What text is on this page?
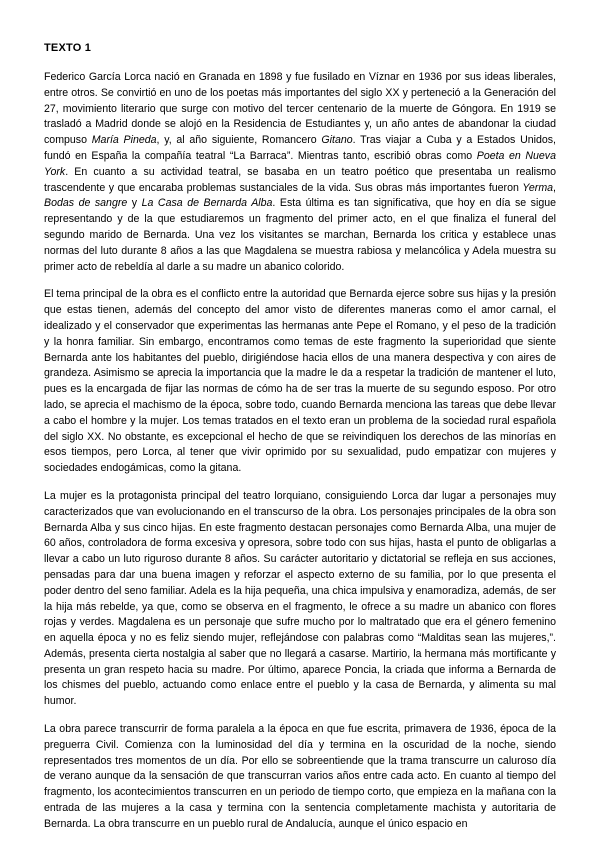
TEXTO 1

Federico García Lorca nació en Granada en 1898 y fue fusilado en Víznar en 1936 por sus ideas liberales, entre otros. Se convirtió en uno de los poetas más importantes del siglo XX y perteneció a la Generación del 27, movimiento literario que surge con motivo del tercer centenario de la muerte de Góngora. En 1919 se trasladó a Madrid donde se alojó en la Residencia de Estudiantes y, un año antes de abandonar la ciudad compuso María Pineda, y, al año siguiente, Romancero Gitano. Tras viajar a Cuba y a Estados Unidos, fundó en España la compañía teatral “La Barraca”. Mientras tanto, escribió obras como Poeta en Nueva York. En cuanto a su actividad teatral, se basaba en un teatro poético que presentaba un realismo trascendente y que encaraba problemas sustanciales de la vida. Sus obras más importantes fueron Yerma, Bodas de sangre y La Casa de Bernarda Alba. Esta última es tan significativa, que hoy en día se sigue representando y de la que estudiaremos un fragmento del primer acto, en el que finaliza el funeral del segundo marido de Bernarda. Una vez los visitantes se marchan, Bernarda los critica y establece unas normas del luto durante 8 años a las que Magdalena se muestra rabiosa y melancólica y Adela muestra su primer acto de rebeldía al darle a su madre un abanico colorido.

El tema principal de la obra es el conflicto entre la autoridad que Bernarda ejerce sobre sus hijas y la presión que estas tienen, además del concepto del amor visto de diferentes maneras como el amor carnal, el idealizado y el conservador que experimentas las hermanas ante Pepe el Romano, y el peso de la tradición y la honra familiar. Sin embargo, encontramos como temas de este fragmento la superioridad que siente Bernarda ante los habitantes del pueblo, dirigiéndose hacia ellos de una manera despectiva y con aires de grandeza. Asimismo se aprecia la importancia que la madre le da a respetar la tradición de mantener el luto, pues es la encargada de fijar las normas de cómo ha de ser tras la muerte de su segundo esposo. Por otro lado, se aprecia el machismo de la época, sobre todo, cuando Bernarda menciona las tareas que debe llevar a cabo el hombre y la mujer. Los temas tratados en el texto eran un problema de la sociedad rural española del siglo XX. No obstante, es excepcional el hecho de que se reivindiquen los derechos de las minorías en esos tiempos, pero Lorca, al tener que vivir oprimido por su sexualidad, pudo empatizar con mujeres y sociedades endogámicas, como la gitana.

La mujer es la protagonista principal del teatro lorquiano, consiguiendo Lorca dar lugar a personajes muy caracterizados que van evolucionando en el transcurso de la obra. Los personajes principales de la obra son Bernarda Alba y sus cinco hijas. En este fragmento destacan personajes como Bernarda Alba, una mujer de 60 años, controladora de forma excesiva y opresora, sobre todo con sus hijas, hasta el punto de obligarlas a llevar a cabo un luto riguroso durante 8 años. Su carácter autoritario y dictatorial se refleja en sus acciones, pensadas para dar una buena imagen y reforzar el aspecto externo de su familia, por lo que presenta el poder dentro del seno familiar. Adela es la hija pequeña, una chica impulsiva y enamoradiza, además, de ser la hija más rebelde, ya que, como se observa en el fragmento, le ofrece a su madre un abanico con flores rojas y verdes. Magdalena es un personaje que sufre mucho por lo maltratado que era el género femenino en aquella época y no es feliz siendo mujer, reflejándose con palabras como “Malditas sean las mujeres,”. Además, presenta cierta nostalgia al saber que no llegará a casarse. Martirio, la hermana más mortificante y presenta un gran respeto hacia su madre. Por último, aparece Poncia, la criada que informa a Bernarda de los chismes del pueblo, actuando como enlace entre el pueblo y la casa de Bernarda, y alimenta su mal humor.

La obra parece transcurrir de forma paralela a la época en que fue escrita, primavera de 1936, época de la preguerra Civil. Comienza con la luminosidad del día y termina en la oscuridad de la noche, siendo representados tres momentos de un día. Por ello se sobreentiende que la trama transcurre un caluroso día de verano aunque da la sensación de que transcurran varios años entre cada acto. En cuanto al tiempo del fragmento, los acontecimientos transcurren en un periodo de tiempo corto, que empieza en la mañana con la entrada de las mujeres a la casa y termina con la sentencia completamente machista y autoritaria de Bernarda. La obra transcurre en un pueblo rural de Andalucía, aunque el único espacio en
